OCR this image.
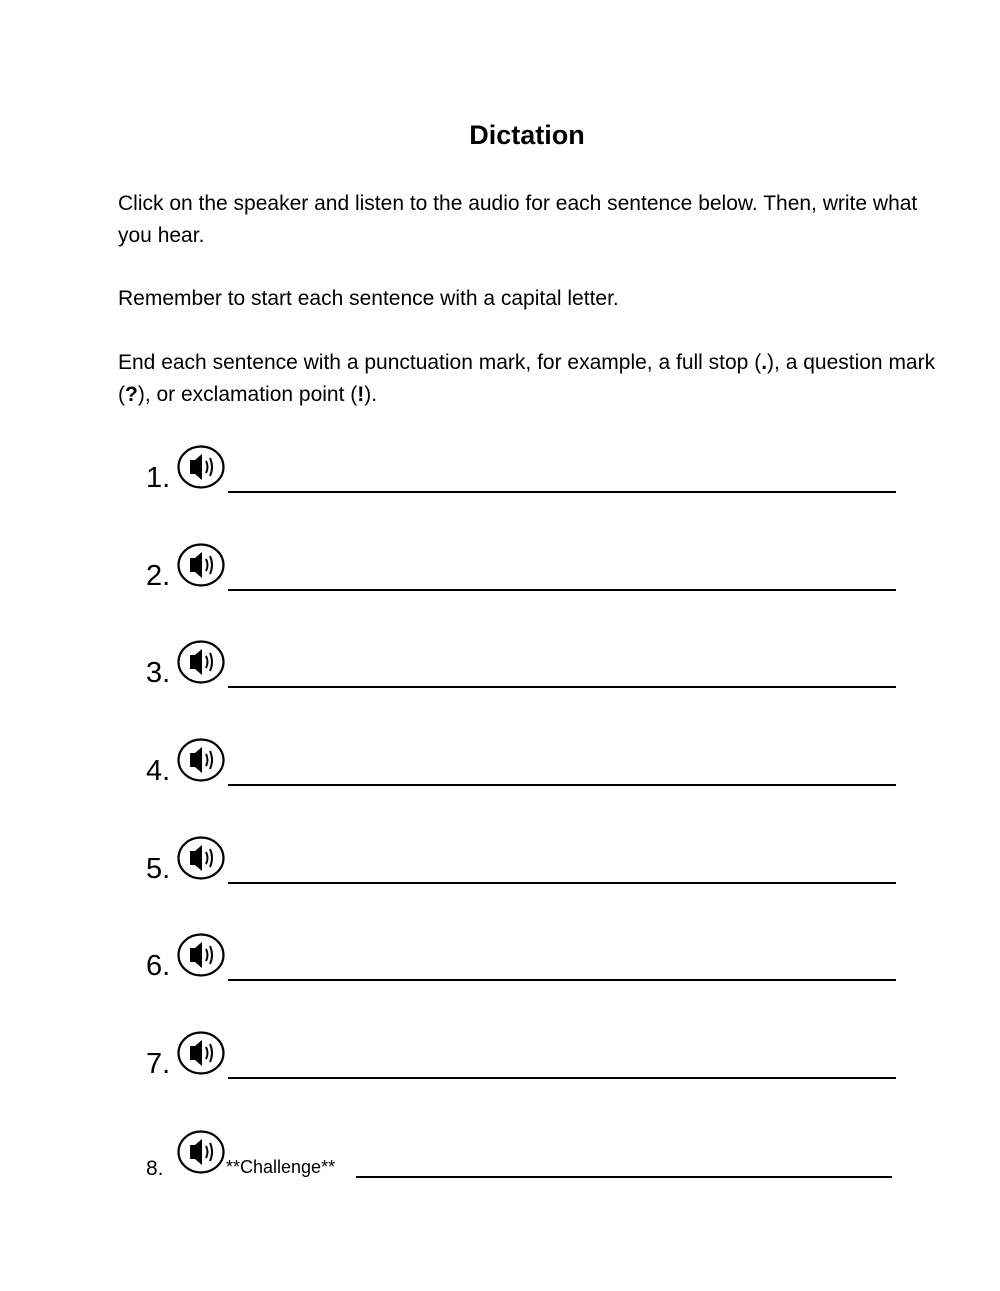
Dictation
Click on the speaker and listen to the audio for each sentence below. Then, write what you hear.
Remember to start each sentence with a capital letter.
End each sentence with a punctuation mark, for example, a full stop (.), a question mark (?), or exclamation point (!).
1.
2.
3.
4.
5.
6.
7.
8.	**Challenge**
